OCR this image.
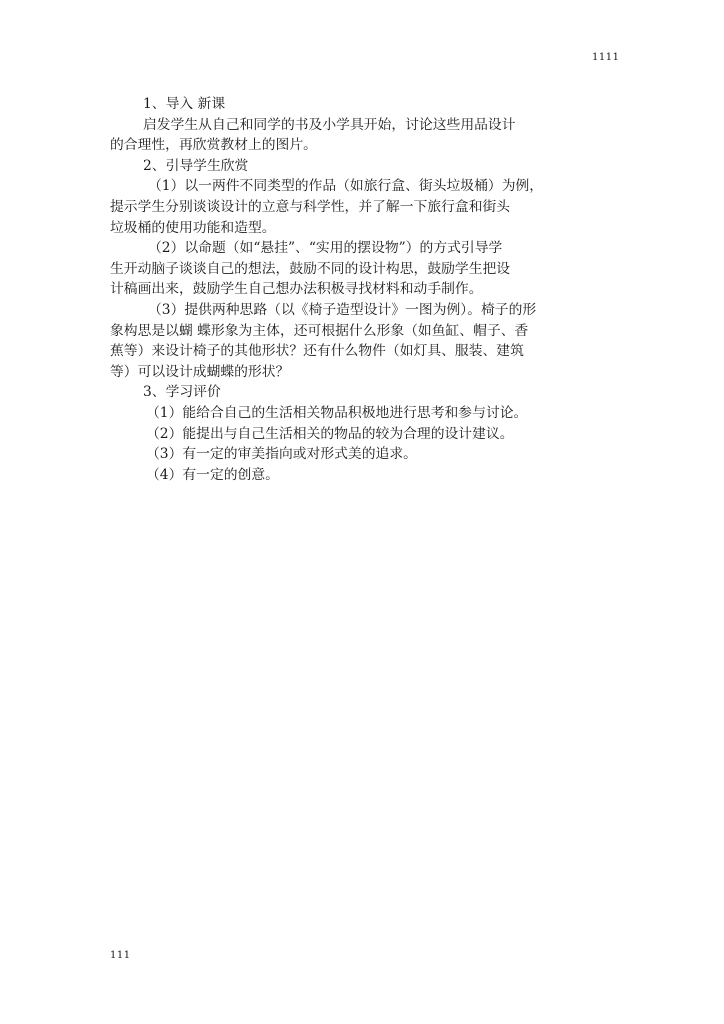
1111
1、导入 新课
启发学生从自己和同学的书及小学具开始，讨论这些用品设计
的合理性，再欣赏教材上的图片。
2、引导学生欣赏
（1）以一两件不同类型的作品（如旅行盒、街头垃圾桶）为例，
提示学生分别谈谈设计的立意与科学性，并了解一下旅行盒和街头
垃圾桶的使用功能和造型。
（2）以命题（如“悬挂”、“实用的摆设物”）的方式引导学
生开动脑子谈谈自己的想法，鼓励不同的设计构思，鼓励学生把设
计稿画出来，鼓励学生自己想办法积极寻找材料和动手制作。
（3）提供两种思路（以《椅子造型设计》一图为例）。椅子的形
象构思是以蝴 蝶形象为主体，还可根据什么形象（如鱼缸、帽子、香
蕉等）来设计椅子的其他形状？还有什么物件（如灯具、服装、建筑
等）可以设计成蝴蝶的形状？
3、学习评价
（1）能给合自己的生活相关物品积极地进行思考和参与讨论。
（2）能提出与自己生活相关的物品的较为合理的设计建议。
（3）有一定的审美指向或对形式美的追求。
（4）有一定的创意。
111
